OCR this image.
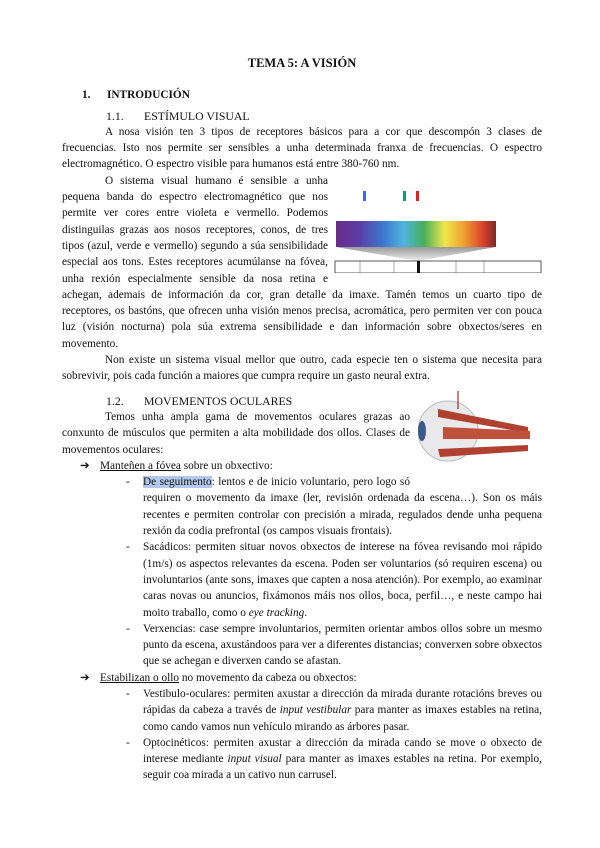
TEMA 5: A VISIÓN
1. INTRODUCIÓN
1.1. ESTÍMULO VISUAL

A nosa visión ten 3 tipos de receptores básicos para a cor que descompón 3 clases de frecuencias. Isto nos permite ser sensibles a unha determinada franxa de frecuencias. O espectro electromagnético. O espectro visible para humanos está entre 380-760 nm.

O sistema visual humano é sensible a unha pequena banda do espectro electromagnético que nos permite ver cores entre violeta e vermello. Podemos distinguilas grazas aos nosos receptores, conos, de tres tipos (azul, verde e vermello) segundo a súa sensibilidade especial aos tons. Estes receptores acumúlanse na fóvea, unha rexión especialmente sensible da nosa retina e achegan, ademais de información da cor, gran detalle da imaxe. Tamén temos un cuarto tipo de receptores, os bastóns, que ofrecen unha visión menos precisa, acromática, pero permiten ver con pouca luz (visión nocturna) pola súa extrema sensibilidade e dan información sobre obxectos/seres en movemento.

Non existe un sistema visual mellor que outro, cada especie ten o sistema que necesita para sobrevivir, pois cada función a maiores que cumpra require un gasto neural extra.

1.2. MOVEMENTOS OCULARES

Temos unha ampla gama de movementos oculares grazas ao conxunto de músculos que permiten a alta mobilidade dos ollos. Clases de movementos oculares:

➔ Manteñen a fóvea sobre un obxectivo:
- De seguimento: lentos e de inicio voluntario, pero logo só requiren o movemento da imaxe (ler, revisión ordenada da escena…). Son os máis recentes e permiten controlar con precisión a mirada, regulados dende unha pequena rexión da codia prefrontal (os campos visuais frontais).
- Sacádicos: permiten situar novos obxectos de interese na fóvea revisando moi rápido (1m/s) os aspectos relevantes da escena. Poden ser voluntarios (só requiren escena) ou involuntarios (ante sons, imaxes que capten a nosa atención). Por exemplo, ao examinar caras novas ou anuncios, fixámonos máis nos ollos, boca, perfil…, e neste campo hai moito traballo, como o eye tracking.
- Verxencias: case sempre involuntarios, permiten orientar ambos ollos sobre un mesmo punto da escena, axustándoos para ver a diferentes distancias; converxen sobre obxectos que se achegan e diverxen cando se afastan.
➔ Estabilizan o ollo no movemento da cabeza ou obxectos:
- Vestibulo-oculares: permiten axustar a dirección da mirada durante rotacións breves ou rápidas da cabeza a través de input vestibular para manter as imaxes estables na retina, como cando vamos nun vehículo mirando as árbores pasar.
- Optocinéticos: permiten axustar a dirección da mirada cando se move o obxecto de interese mediante input visual para manter as imaxes estables na retina. Por exemplo, seguir coa mirada a un cativo nun carrusel.
